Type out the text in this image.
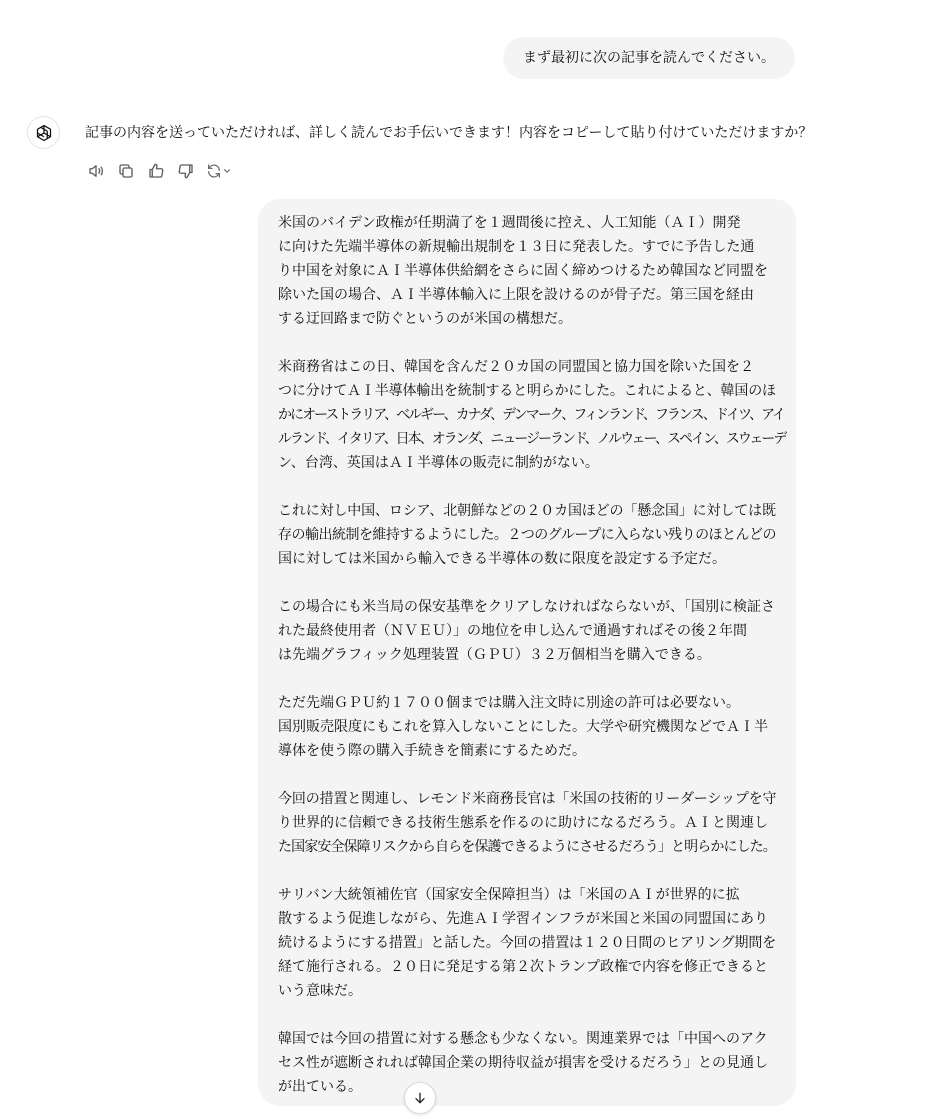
まず最初に次の記事を読んでください。
記事の内容を送っていただければ、詳しく読んでお手伝いできます！内容をコピーして貼り付けていただけますか？
米国のバイデン政権が任期満了を１週間後に控え、人工知能（ＡＩ）開発
に向けた先端半導体の新規輸出規制を１３日に発表した。すでに予告した通
り中国を対象にＡＩ半導体供給網をさらに固く締めつけるため韓国など同盟を
除いた国の場合、ＡＩ半導体輸入に上限を設けるのが骨子だ。第三国を経由
する迂回路まで防ぐというのが米国の構想だ。
米商務省はこの日、韓国を含んだ２０カ国の同盟国と協力国を除いた国を２
つに分けてＡＩ半導体輸出を統制すると明らかにした。これによると、韓国のほ
かにオーストラリア、ベルギー、カナダ、デンマーク、フィンランド、フランス、ドイツ、アイ
ルランド、イタリア、日本、オランダ、ニュージーランド、ノルウェー、スペイン、スウェーデ
ン、台湾、英国はＡＩ半導体の販売に制約がない。
これに対し中国、ロシア、北朝鮮などの２０カ国ほどの「懸念国」に対しては既
存の輸出統制を維持するようにした。２つのグループに入らない残りのほとんどの
国に対しては米国から輸入できる半導体の数に限度を設定する予定だ。
この場合にも米当局の保安基準をクリアしなければならないが、「国別に検証さ
れた最終使用者（ＮＶＥＵ）」の地位を申し込んで通過すればその後２年間
は先端グラフィック処理装置（ＧＰＵ）３２万個相当を購入できる。
ただ先端ＧＰＵ約１７００個までは購入注文時に別途の許可は必要ない。
国別販売限度にもこれを算入しないことにした。大学や研究機関などでＡＩ半
導体を使う際の購入手続きを簡素にするためだ。
今回の措置と関連し、レモンド米商務長官は「米国の技術的リーダーシップを守
り世界的に信頼できる技術生態系を作るのに助けになるだろう。ＡＩと関連し
た国家安全保障リスクから自らを保護できるようにさせるだろう」と明らかにした。
サリバン大統領補佐官（国家安全保障担当）は「米国のＡＩが世界的に拡
散するよう促進しながら、先進ＡＩ学習インフラが米国と米国の同盟国にあり
続けるようにする措置」と話した。今回の措置は１２０日間のヒアリング期間を
経て施行される。２０日に発足する第２次トランプ政権で内容を修正できると
いう意味だ。
韓国では今回の措置に対する懸念も少なくない。関連業界では「中国へのアク
セス性が遮断されれば韓国企業の期待収益が損害を受けるだろう」との見通し
が出ている。
